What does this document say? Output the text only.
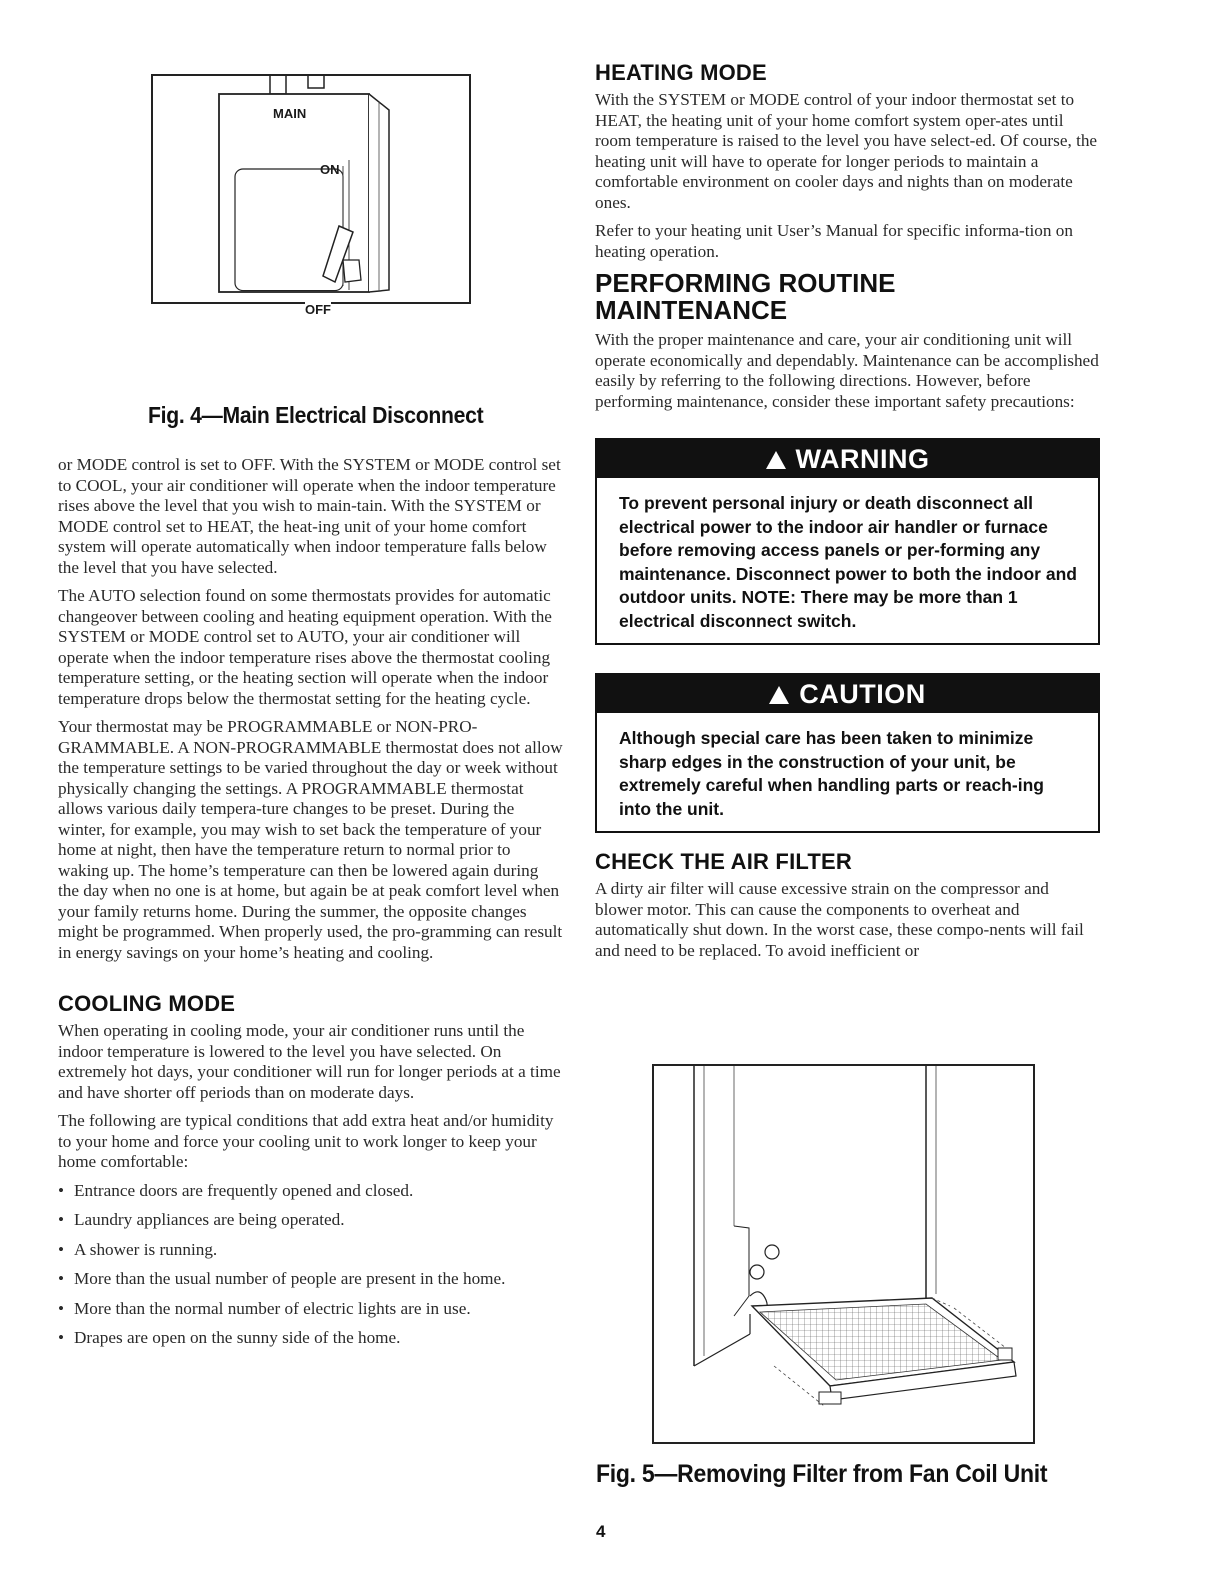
MAIN
ON
OFF
Fig. 4—Main Electrical Disconnect

or MODE control is set to OFF. With the SYSTEM or MODE control set to COOL, your air conditioner will operate when the indoor temperature rises above the level that you wish to main-tain. With the SYSTEM or MODE control set to HEAT, the heat-ing unit of your home comfort system will operate automatically when indoor temperature falls below the level that you have selected.

The AUTO selection found on some thermostats provides for automatic changeover between cooling and heating equipment operation. With the SYSTEM or MODE control set to AUTO, your air conditioner will operate when the indoor temperature rises above the thermostat cooling temperature setting, or the heating section will operate when the indoor temperature drops below the thermostat setting for the heating cycle.

Your thermostat may be PROGRAMMABLE or NON-PRO-GRAMMABLE. A NON-PROGRAMMABLE thermostat does not allow the temperature settings to be varied throughout the day or week without physically changing the settings. A PROGRAMMABLE thermostat allows various daily tempera-ture changes to be preset. During the winter, for example, you may wish to set back the temperature of your home at night, then have the temperature return to normal prior to waking up. The home’s temperature can then be lowered again during the day when no one is at home, but again be at peak comfort level when your family returns home. During the summer, the opposite changes might be programmed. When properly used, the pro-gramming can result in energy savings on your home’s heating and cooling.

COOLING MODE

When operating in cooling mode, your air conditioner runs until the indoor temperature is lowered to the level you have selected. On extremely hot days, your conditioner will run for longer periods at a time and have shorter off periods than on moderate days.

The following are typical conditions that add extra heat and/or humidity to your home and force your cooling unit to work longer to keep your home comfortable:

• Entrance doors are frequently opened and closed.
• Laundry appliances are being operated.
• A shower is running.
• More than the usual number of people are present in the home.
• More than the normal number of electric lights are in use.
• Drapes are open on the sunny side of the home.
HEATING MODE

With the SYSTEM or MODE control of your indoor thermostat set to HEAT, the heating unit of your home comfort system oper-ates until room temperature is raised to the level you have select-ed. Of course, the heating unit will have to operate for longer periods to maintain a comfortable environment on cooler days and nights than on moderate ones.

Refer to your heating unit User’s Manual for specific informa-tion on heating operation.

PERFORMING ROUTINE
MAINTENANCE

With the proper maintenance and care, your air conditioning unit will operate economically and dependably. Maintenance can be accomplished easily by referring to the following directions. However, before performing maintenance, consider these important safety precautions:

WARNING
To prevent personal injury or death disconnect all electrical power to the indoor air handler or furnace before removing access panels or per-forming any maintenance. Disconnect power to both the indoor and outdoor units. NOTE: There may be more than 1 electrical disconnect switch.
CAUTION
Although special care has been taken to minimize sharp edges in the construction of your unit, be extremely careful when handling parts or reach-ing into the unit.
CHECK THE AIR FILTER

A dirty air filter will cause excessive strain on the compressor and blower motor. This can cause the components to overheat and automatically shut down. In the worst case, these compo-nents will fail and need to be replaced. To avoid inefficient or

Fig. 5—Removing Filter from Fan Coil Unit
4
